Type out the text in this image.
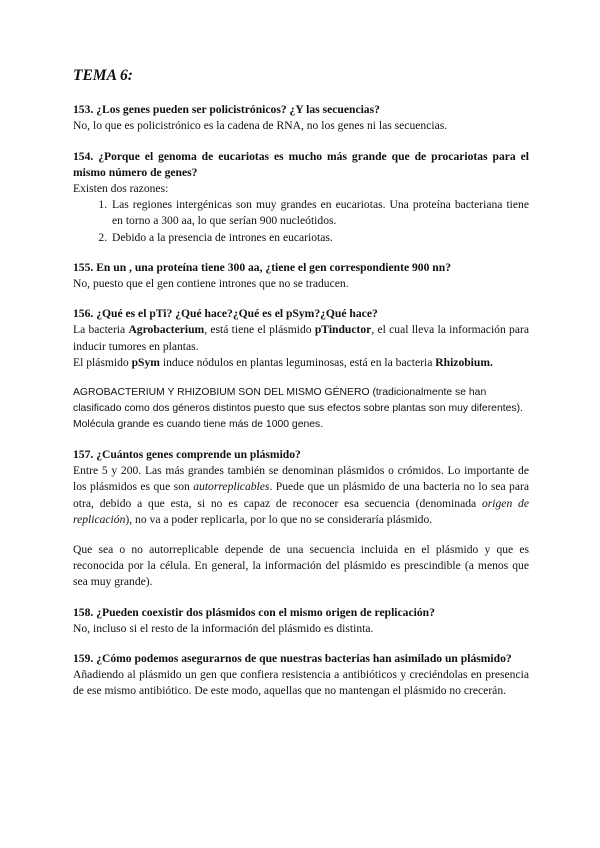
TEMA 6:

153. ¿Los genes pueden ser policistrónicos? ¿Y las secuencias?

No, lo que es policistrónico es la cadena de RNA, no los genes ni las secuencias.

154. ¿Porque el genoma de eucariotas es mucho más grande que de procariotas para el mismo número de genes?

Existen dos razones:

1. Las regiones intergénicas son muy grandes en eucariotas. Una proteína bacteriana tiene en torno a 300 aa, lo que serían 900 nucleótidos.
2. Debido a la presencia de intrones en eucariotas.

155. En un , una proteína tiene 300 aa, ¿tiene el gen correspondiente 900 nn?

No, puesto que el gen contiene intrones que no se traducen.

156. ¿Qué es el pTi? ¿Qué hace?¿Qué es el pSym?¿Qué hace?

La bacteria Agrobacterium, está tiene el plásmido pTinductor, el cual lleva la información para inducir tumores en plantas.

El plásmido pSym induce nódulos en plantas leguminosas, está en la bacteria Rhizobium.

AGROBACTERIUM Y RHIZOBIUM SON DEL MISMO GÉNERO (tradicionalmente se han clasificado como dos géneros distintos puesto que sus efectos sobre plantas son muy diferentes). Molécula grande es cuando tiene más de 1000 genes.

157. ¿Cuántos genes comprende un plásmido?

Entre 5 y 200. Las más grandes también se denominan plásmidos o crómidos. Lo importante de los plásmidos es que son autorreplicables. Puede que un plásmido de una bacteria no lo sea para otra, debido a que esta, si no es capaz de reconocer esa secuencia (denominada origen de replicación), no va a poder replicarla, por lo que no se consideraría plásmido.

Que sea o no autorreplicable depende de una secuencia incluida en el plásmido y que es reconocida por la célula. En general, la información del plásmido es prescindible (a menos que sea muy grande).

158. ¿Pueden coexistir dos plásmidos con el mismo origen de replicación?

No, incluso si el resto de la información del plásmido es distinta.

159. ¿Cómo podemos asegurarnos de que nuestras bacterias han asimilado un plásmido?

Añadiendo al plásmido un gen que confiera resistencia a antibióticos y creciéndolas en presencia de ese mismo antibiótico. De este modo, aquellas que no mantengan el plásmido no crecerán.
